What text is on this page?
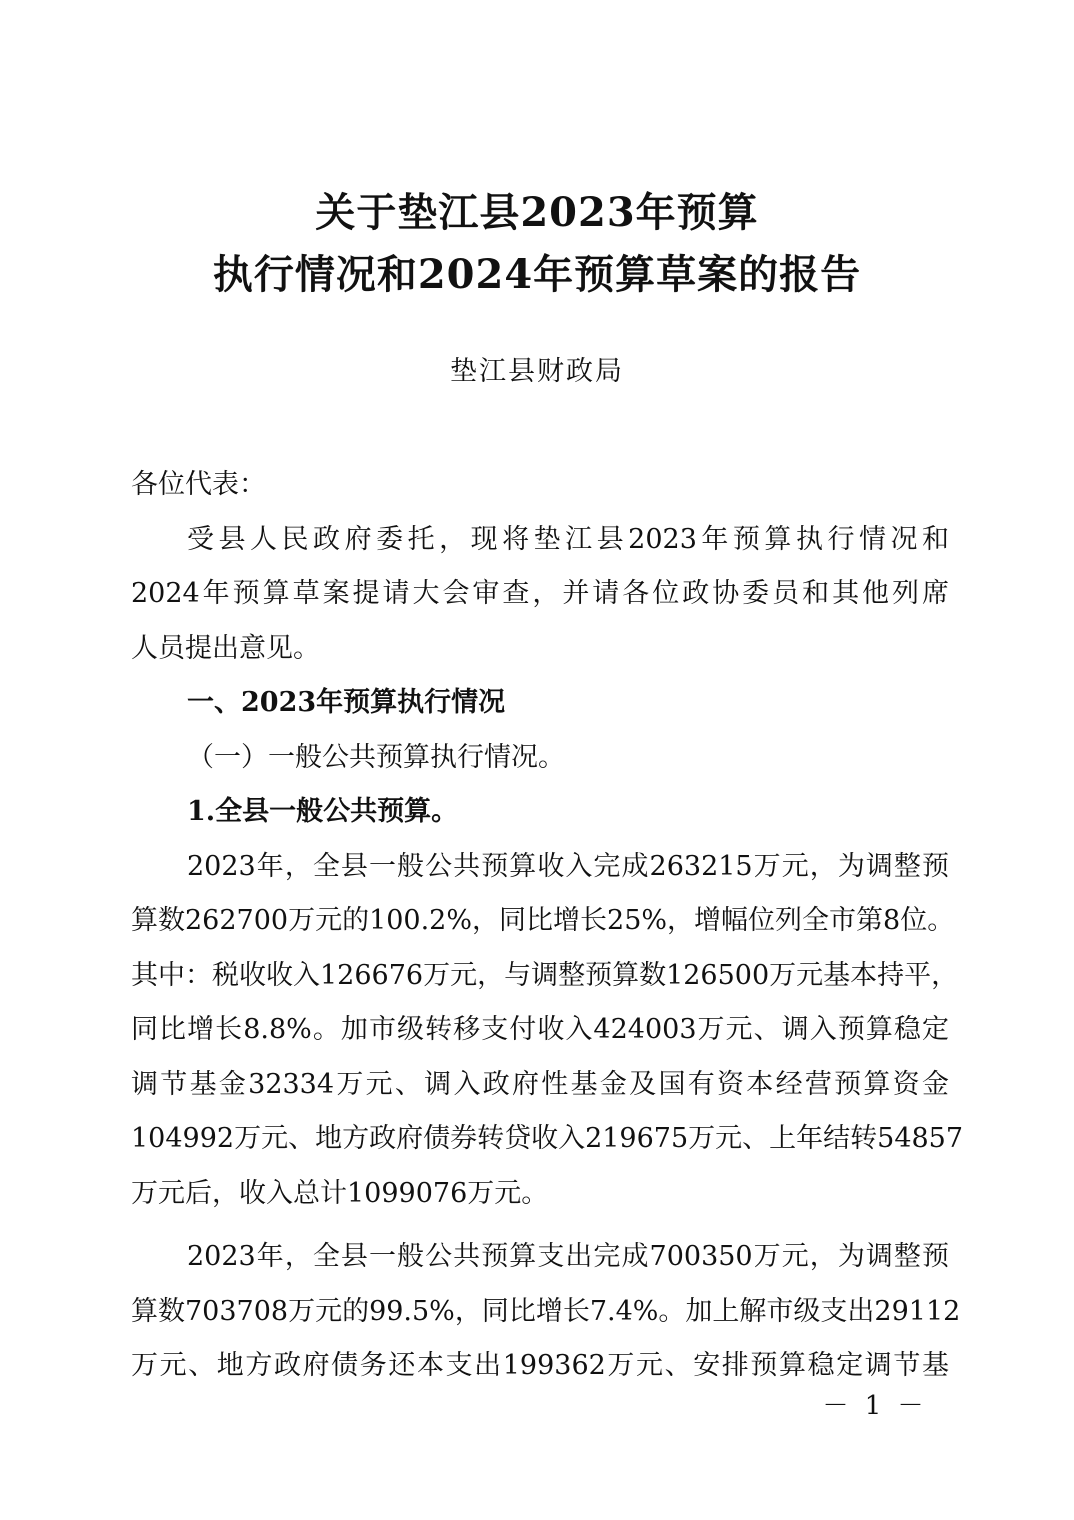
关于垫江县2023年预算
执行情况和2024年预算草案的报告
垫江县财政局
各位代表：
受县人民政府委托，现将垫江县2023年预算执行情况和
2024年预算草案提请大会审查，并请各位政协委员和其他列席
人员提出意见。
一、2023年预算执行情况
（一）一般公共预算执行情况。
1.全县一般公共预算。
2023年，全县一般公共预算收入完成263215万元，为调整预
算数262700万元的100.2%，同比增长25%，增幅位列全市第8位。
其中：税收收入126676万元，与调整预算数126500万元基本持平，
同比增长8.8%。加市级转移支付收入424003万元、调入预算稳定
调节基金32334万元、调入政府性基金及国有资本经营预算资金
104992万元、地方政府债券转贷收入219675万元、上年结转54857
万元后，收入总计1099076万元。
2023年，全县一般公共预算支出完成700350万元，为调整预
算数703708万元的99.5%，同比增长7.4%。加上解市级支出29112
万元、地方政府债务还本支出199362万元、安排预算稳定调节基
－ 1 －
